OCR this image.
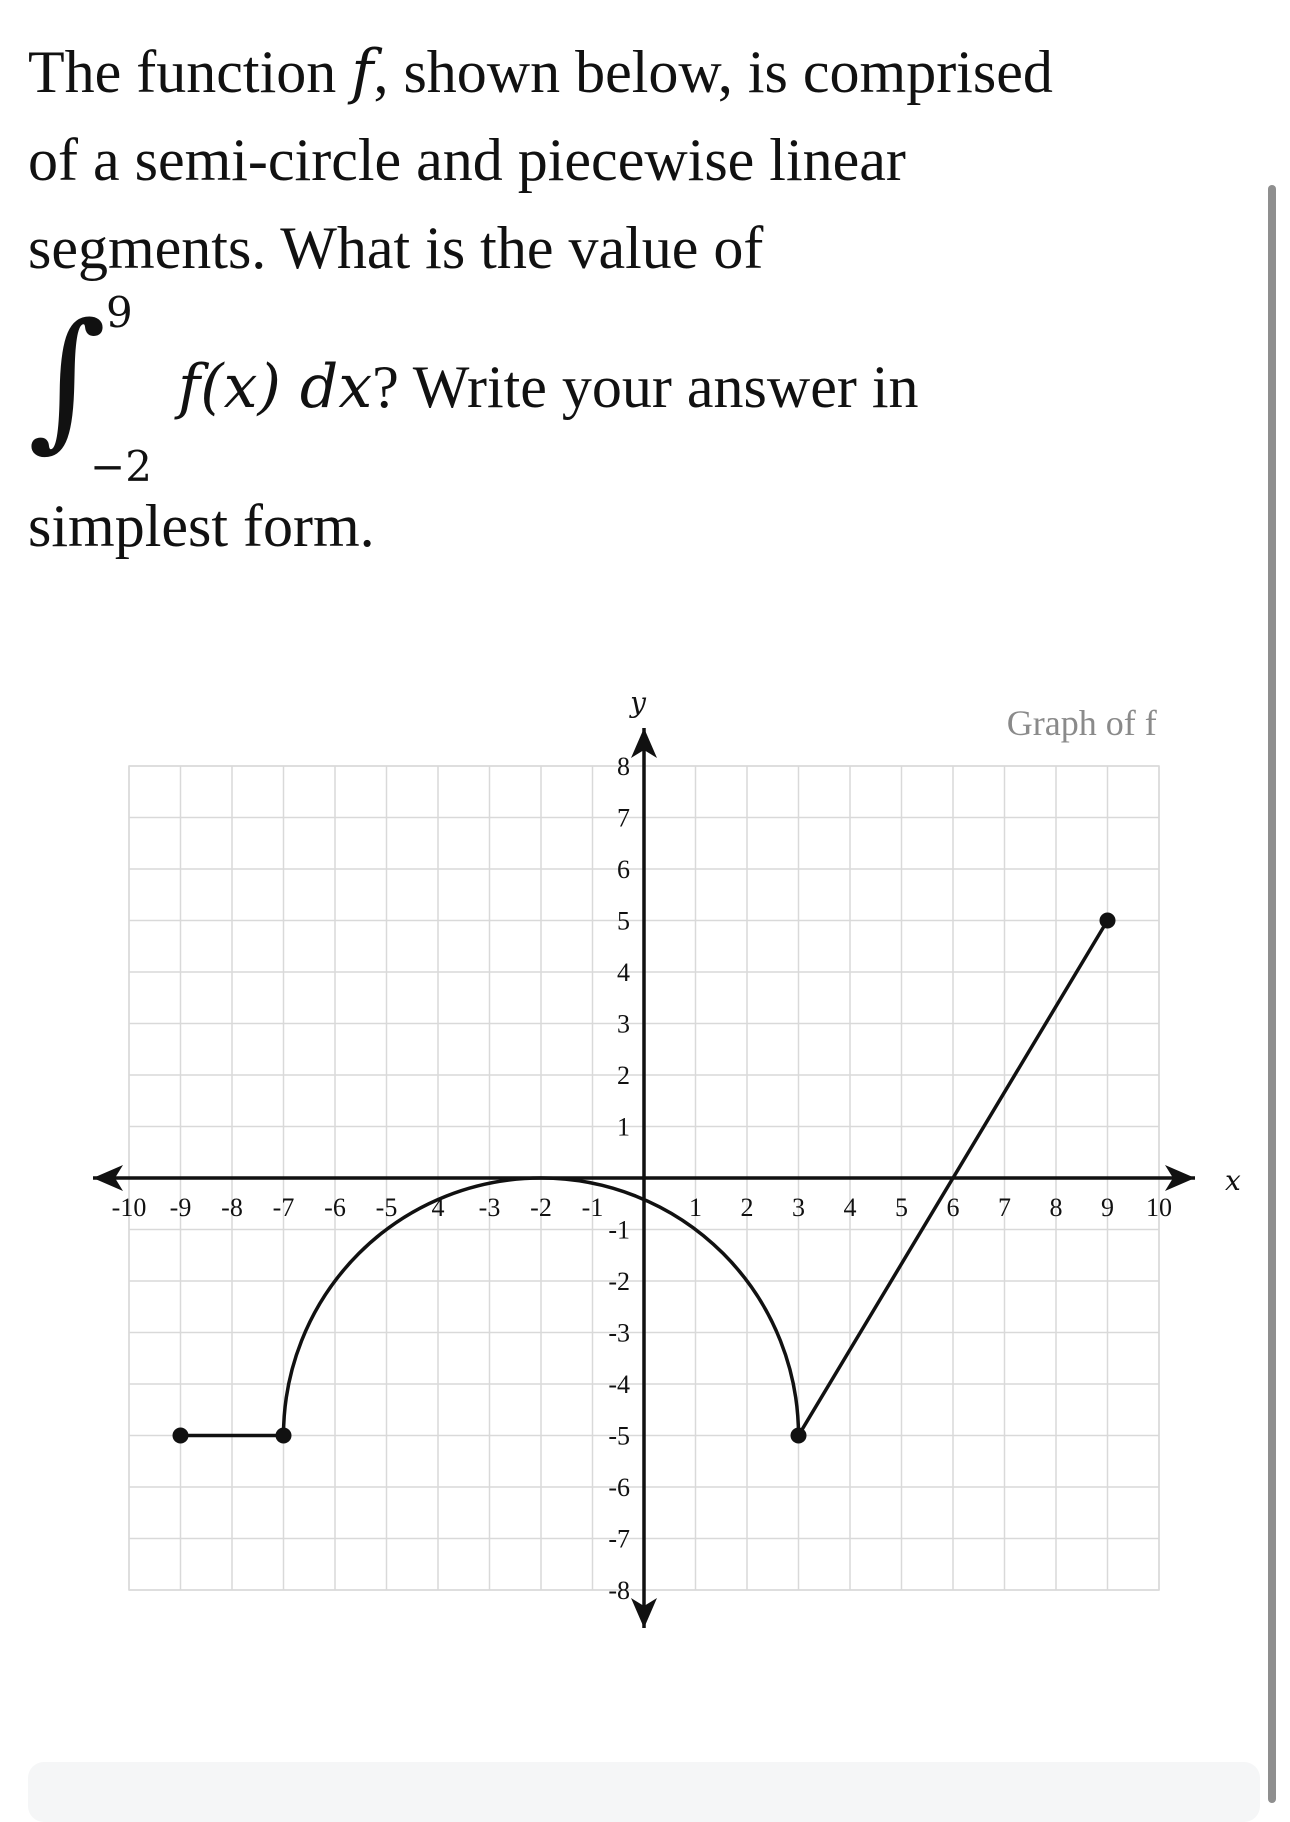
The function f, shown below, is comprised
of a semi-circle and piecewise linear
segments. What is the value of
∫ 9
−2
f(x) dx? Write your answer in
simplest form.
-10 -9 -8 -7 -6 -5 4 -3 -2 -1	1 2 3 4 5 6 7 8 9 10
8
7
6
5
4
3
2
1
-1
-2
-3
-4
-5
-6
-7
-8
x
y
Graph of f
